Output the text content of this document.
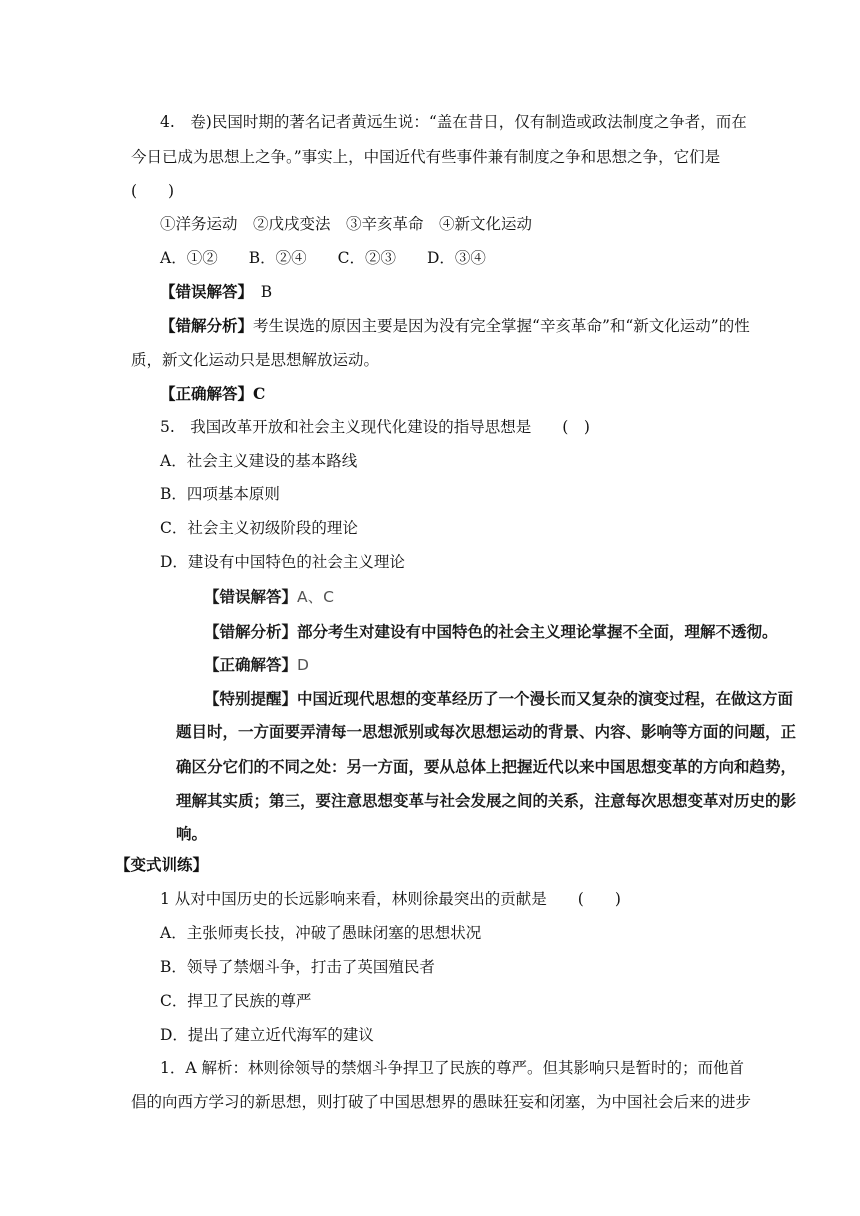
4.　卷)民国时期的著名记者黄远生说：“盖在昔日，仅有制造或政法制度之争者，而在
今日已成为思想上之争。”事实上，中国近代有些事件兼有制度之争和思想之争，它们是
(　　)
①洋务运动　②戊戌变法　③辛亥革命　④新文化运动
A．①②　　B．②④　　C．②③　　D．③④
【错误解答】　B
【错解分析】考生误选的原因主要是因为没有完全掌握“辛亥革命”和“新文化运动”的性
质，新文化运动只是思想解放运动。
【正确解答】C
5.　我国改革开放和社会主义现代化建设的指导思想是　　(　)
A．社会主义建设的基本路线
B．四项基本原则
C．社会主义初级阶段的理论
D．建设有中国特色的社会主义理论
【错误解答】A、C
【错解分析】部分考生对建设有中国特色的社会主义理论掌握不全面，理解不透彻。
【正确解答】D
【特别提醒】中国近现代思想的变革经历了一个漫长而又复杂的演变过程，在做这方面
题目时，一方面要弄清每一思想派别或每次思想运动的背景、内容、影响等方面的问题，正
确区分它们的不同之处：另一方面，要从总体上把握近代以来中国思想变革的方向和趋势，
理解其实质；第三，要注意思想变革与社会发展之间的关系，注意每次思想变革对历史的影
响。
【变式训练】
1 从对中国历史的长远影响来看，林则徐最突出的贡献是　　(　　)
A．主张师夷长技，冲破了愚昧闭塞的思想状况
B．领导了禁烟斗争，打击了英国殖民者
C．捍卫了民族的尊严
D．提出了建立近代海军的建议
1．A 解析：林则徐领导的禁烟斗争捍卫了民族的尊严。但其影响只是暂时的；而他首
倡的向西方学习的新思想，则打破了中国思想界的愚昧狂妄和闭塞，为中国社会后来的进步
